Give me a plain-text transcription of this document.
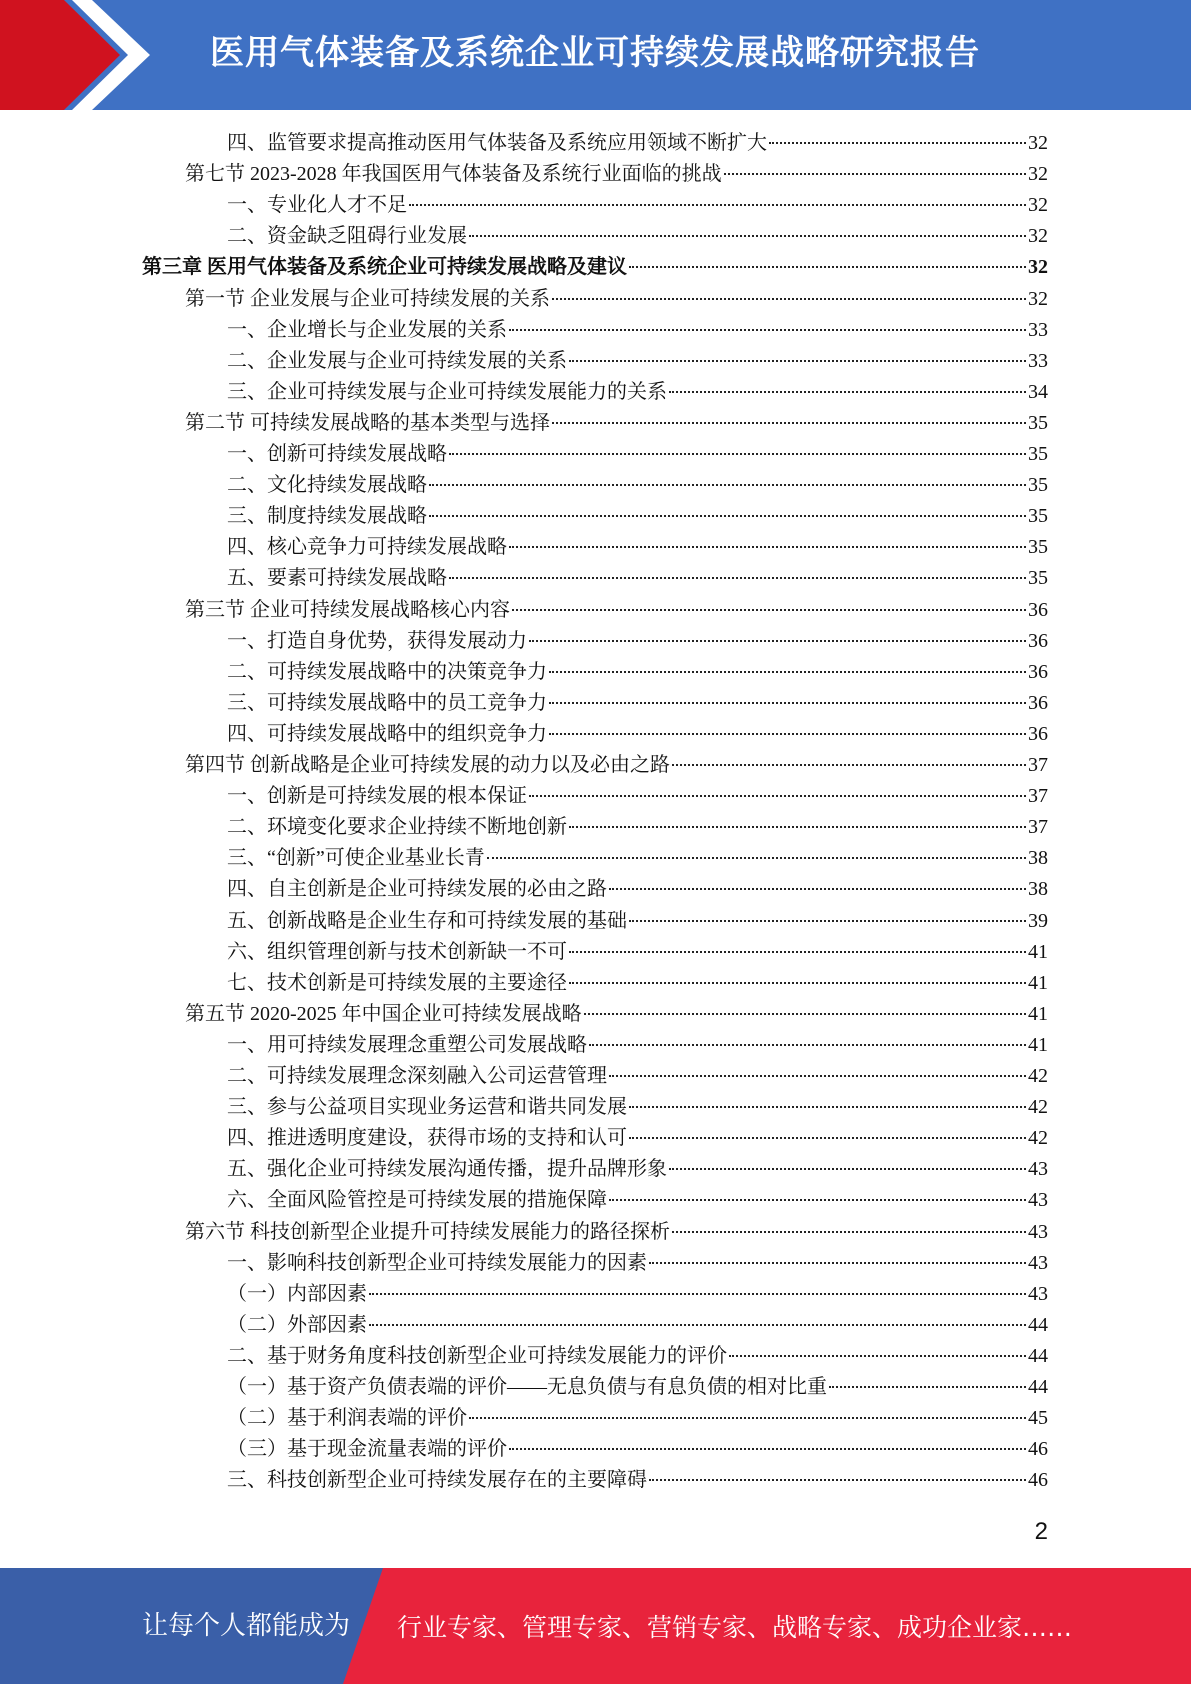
医用气体装备及系统企业可持续发展战略研究报告
四、监管要求提高推动医用气体装备及系统应用领域不断扩大	32
第七节 2023-2028 年我国医用气体装备及系统行业面临的挑战	32
一、专业化人才不足	32
二、资金缺乏阻碍行业发展	32
第三章 医用气体装备及系统企业可持续发展战略及建议	32
第一节 企业发展与企业可持续发展的关系	32
一、企业增长与企业发展的关系	33
二、企业发展与企业可持续发展的关系	33
三、企业可持续发展与企业可持续发展能力的关系	34
第二节 可持续发展战略的基本类型与选择	35
一、创新可持续发展战略	35
二、文化持续发展战略	35
三、制度持续发展战略	35
四、核心竞争力可持续发展战略	35
五、要素可持续发展战略	35
第三节 企业可持续发展战略核心内容	36
一、打造自身优势，获得发展动力	36
二、可持续发展战略中的决策竞争力	36
三、可持续发展战略中的员工竞争力	36
四、可持续发展战略中的组织竞争力	36
第四节 创新战略是企业可持续发展的动力以及必由之路	37
一、创新是可持续发展的根本保证	37
二、环境变化要求企业持续不断地创新	37
三、“创新”可使企业基业长青	38
四、自主创新是企业可持续发展的必由之路	38
五、创新战略是企业生存和可持续发展的基础	39
六、组织管理创新与技术创新缺一不可	41
七、技术创新是可持续发展的主要途径	41
第五节 2020-2025 年中国企业可持续发展战略	41
一、用可持续发展理念重塑公司发展战略	41
二、可持续发展理念深刻融入公司运营管理	42
三、参与公益项目实现业务运营和谐共同发展	42
四、推进透明度建设，获得市场的支持和认可	42
五、强化企业可持续发展沟通传播，提升品牌形象	43
六、全面风险管控是可持续发展的措施保障	43
第六节 科技创新型企业提升可持续发展能力的路径探析	43
一、影响科技创新型企业可持续发展能力的因素	43
（一）内部因素	43
（二）外部因素	44
二、基于财务角度科技创新型企业可持续发展能力的评价	44
（一）基于资产负债表端的评价——无息负债与有息负债的相对比重	44
（二）基于利润表端的评价	45
（三）基于现金流量表端的评价	46
三、科技创新型企业可持续发展存在的主要障碍	46
2
让每个人都能成为 行业专家、管理专家、营销专家、战略专家、成功企业家……
